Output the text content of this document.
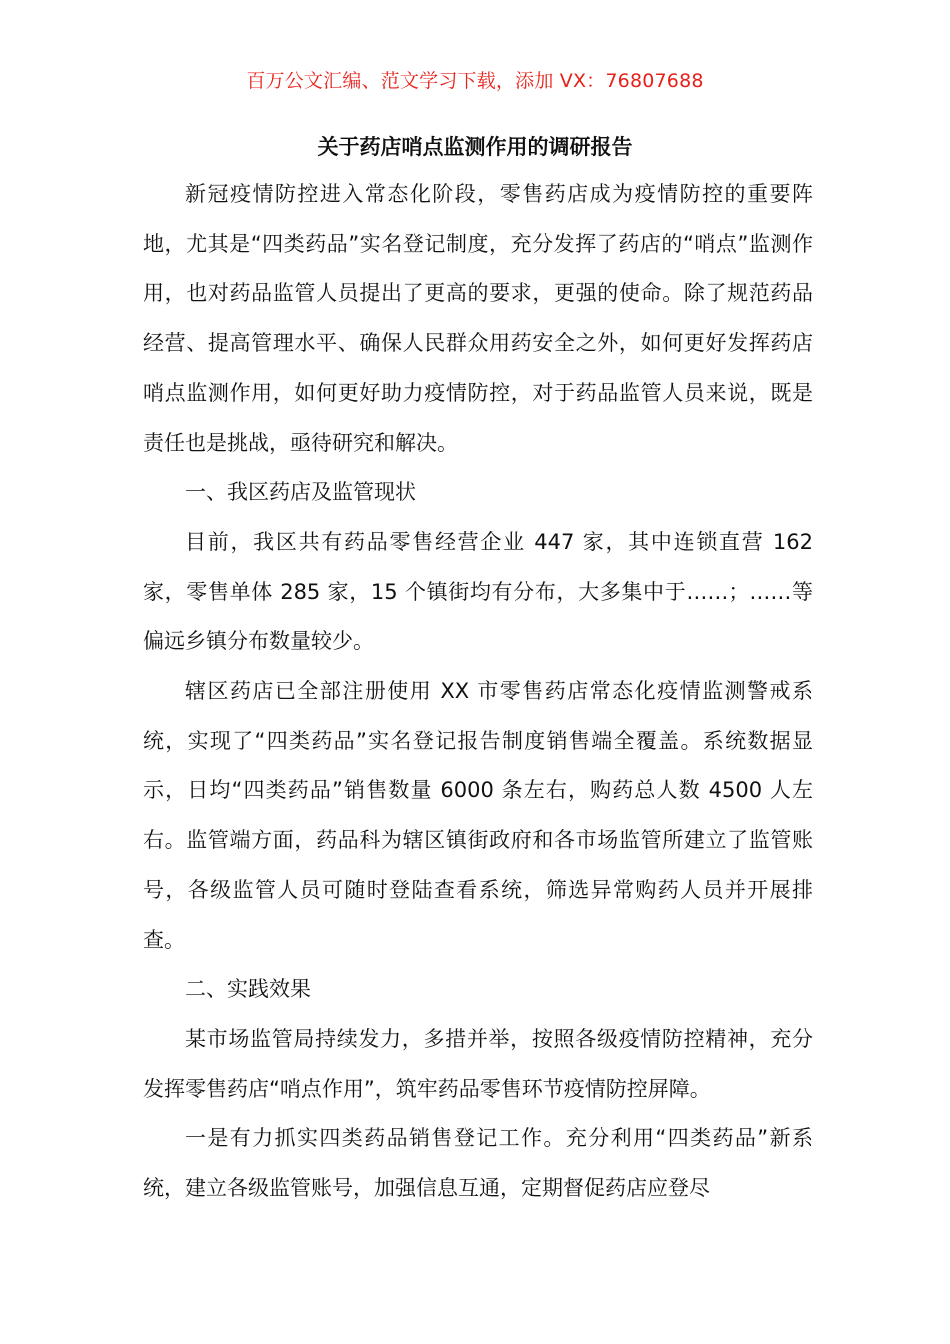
百万公文汇编、范文学习下载，添加 VX：76807688
关于药店哨点监测作用的调研报告

新冠疫情防控进入常态化阶段，零售药店成为疫情防控的重要阵地，尤其是“四类药品”实名登记制度，充分发挥了药店的“哨点”监测作用，也对药品监管人员提出了更高的要求，更强的使命。除了规范药品经营、提高管理水平、确保人民群众用药安全之外，如何更好发挥药店哨点监测作用，如何更好助力疫情防控，对于药品监管人员来说，既是责任也是挑战，亟待研究和解决。

一、我区药店及监管现状

目前，我区共有药品零售经营企业 447 家，其中连锁直营 162 家，零售单体 285 家，15 个镇街均有分布，大多集中于……；……等偏远乡镇分布数量较少。

辖区药店已全部注册使用 XX 市零售药店常态化疫情监测警戒系统，实现了“四类药品”实名登记报告制度销售端全覆盖。系统数据显示，日均“四类药品”销售数量 6000 条左右，购药总人数 4500 人左右。监管端方面，药品科为辖区镇街政府和各市场监管所建立了监管账号，各级监管人员可随时登陆查看系统，筛选异常购药人员并开展排查。

二、实践效果

某市场监管局持续发力，多措并举，按照各级疫情防控精神，充分发挥零售药店“哨点作用”，筑牢药品零售环节疫情防控屏障。

一是有力抓实四类药品销售登记工作。充分利用“四类药品”新系统，建立各级监管账号，加强信息互通，定期督促药店应登尽
